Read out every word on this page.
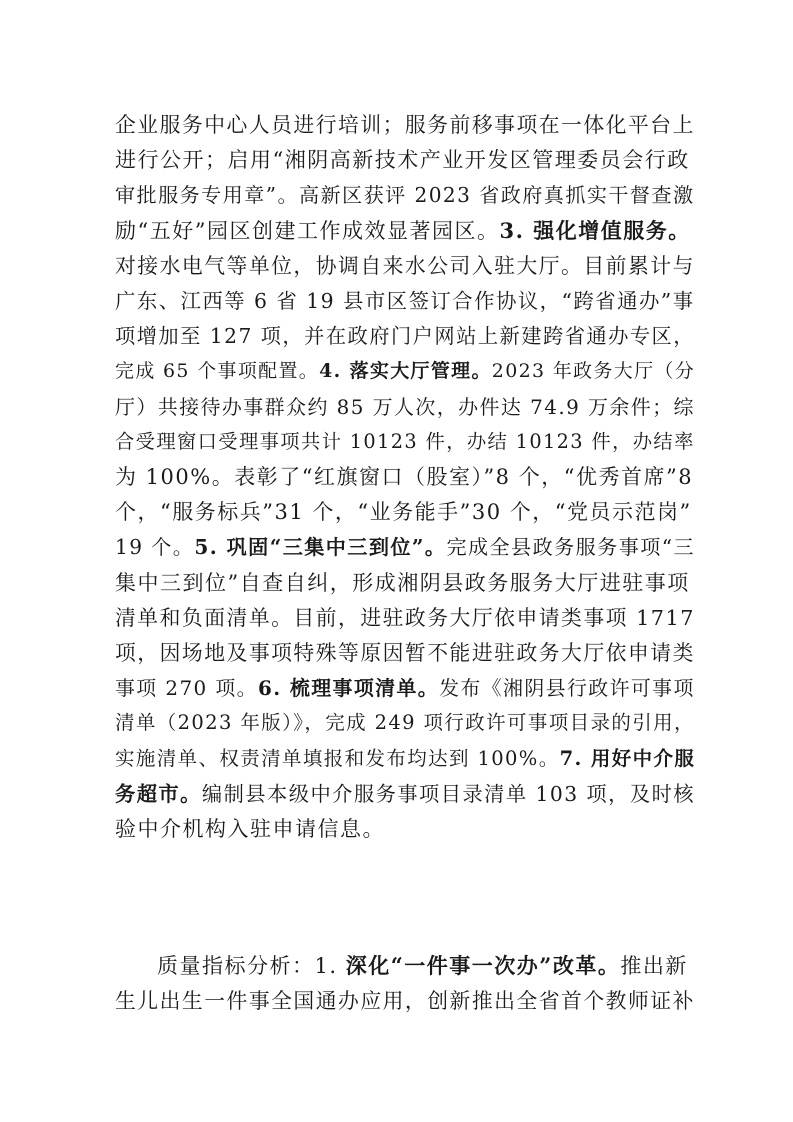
企业服务中心人员进行培训；服务前移事项在一体化平台上
进行公开；启用“湘阴高新技术产业开发区管理委员会行政
审批服务专用章”。高新区获评 2023 省政府真抓实干督查激
励“五好”园区创建工作成效显著园区。3. 强化增值服务。
对接水电气等单位，协调自来水公司入驻大厅。目前累计与
广东、江西等 6 省 19 县市区签订合作协议，“跨省通办”事
项增加至 127 项，并在政府门户网站上新建跨省通办专区，
完成 65 个事项配置。4. 落实大厅管理。2023 年政务大厅（分
厅）共接待办事群众约 85 万人次，办件达 74.9 万余件；综
合受理窗口受理事项共计 10123 件，办结 10123 件，办结率
为 100%。表彰了“红旗窗口（股室）”8 个，“优秀首席”8
个，“服务标兵”31 个，“业务能手”30 个，“党员示范岗”
19 个。5. 巩固“三集中三到位”。完成全县政务服务事项“三
集中三到位”自查自纠，形成湘阴县政务服务大厅进驻事项
清单和负面清单。目前，进驻政务大厅依申请类事项 1717
项，因场地及事项特殊等原因暂不能进驻政务大厅依申请类
事项 270 项。6. 梳理事项清单。发布《湘阴县行政许可事项
清单（2023 年版）》，完成 249 项行政许可事项目录的引用，
实施清单、权责清单填报和发布均达到 100%。7. 用好中介服
务超市。编制县本级中介服务事项目录清单 103 项，及时核
验中介机构入驻申请信息。
质量指标分析：1. 深化“一件事一次办”改革。推出新
生儿出生一件事全国通办应用，创新推出全省首个教师证补
